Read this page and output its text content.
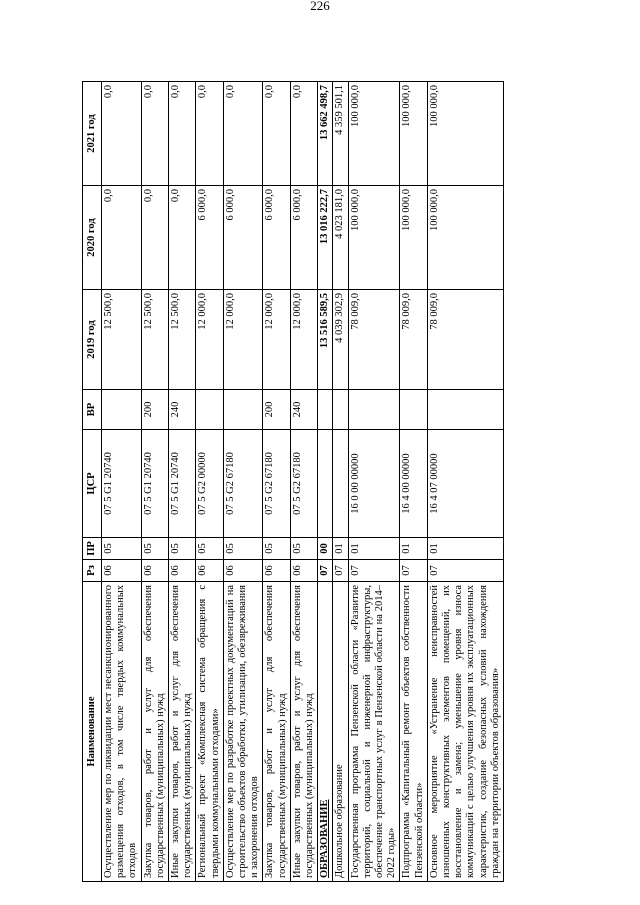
226
Наименование	Рз	ПР	ЦСР	ВР	2019 год	2020 год	2021 год
Осуществление мер по ликвидации мест несанкционированного размещения отходов, в том числе твердых коммунальных отходов	06	05	07 5 G1 20740		12 500,0	0,0	0,0
Закупка товаров, работ и услуг для обеспечения государственных (муниципальных) нужд	06	05	07 5 G1 20740	200	12 500,0	0,0	0,0
Иные закупки товаров, работ и услуг для обеспечения государственных (муниципальных) нужд	06	05	07 5 G1 20740	240	12 500,0	0,0	0,0
Региональный проект «Комплексная система обращения с твердыми коммунальными отходами»	06	05	07 5 G2 00000		12 000,0	6 000,0	0,0
Осуществление мер по разработке проектных документаций на строительство объектов обработки, утилизации, обезвреживания и захоронения отходов	06	05	07 5 G2 67180		12 000,0	6 000,0	0,0
Закупка товаров, работ и услуг для обеспечения государственных (муниципальных) нужд	06	05	07 5 G2 67180	200	12 000,0	6 000,0	0,0
Иные закупки товаров, работ и услуг для обеспечения государственных (муниципальных) нужд	06	05	07 5 G2 67180	240	12 000,0	6 000,0	0,0
ОБРАЗОВАНИЕ	07	00			13 516 589,5	13 016 222,7	13 662 498,7
Дошкольное образование	07	01			4 039 302,9	4 023 181,0	4 359 501,1
Государственная программа Пензенской области «Развитие территорий, социальной и инженерной инфраструктуры, обеспечение транспортных услуг в Пензенской области на 2014–2022 годы»	07	01	16 0 00 00000		78 009,0	100 000,0	100 000,0
Подпрограмма «Капитальный ремонт объектов собственности Пензенской области»	07	01	16 4 00 00000		78 009,0	100 000,0	100 000,0
Основное мероприятие «Устранение неисправностей изношенных конструктивных элементов помещений, их восстановление и замена; уменьшение уровня износа коммуникаций с целью улучшения уровня их эксплуатационных характеристик, создание безопасных условий нахождения граждан на территории объектов образования»	07	01	16 4 07 00000		78 009,0	100 000,0	100 000,0
